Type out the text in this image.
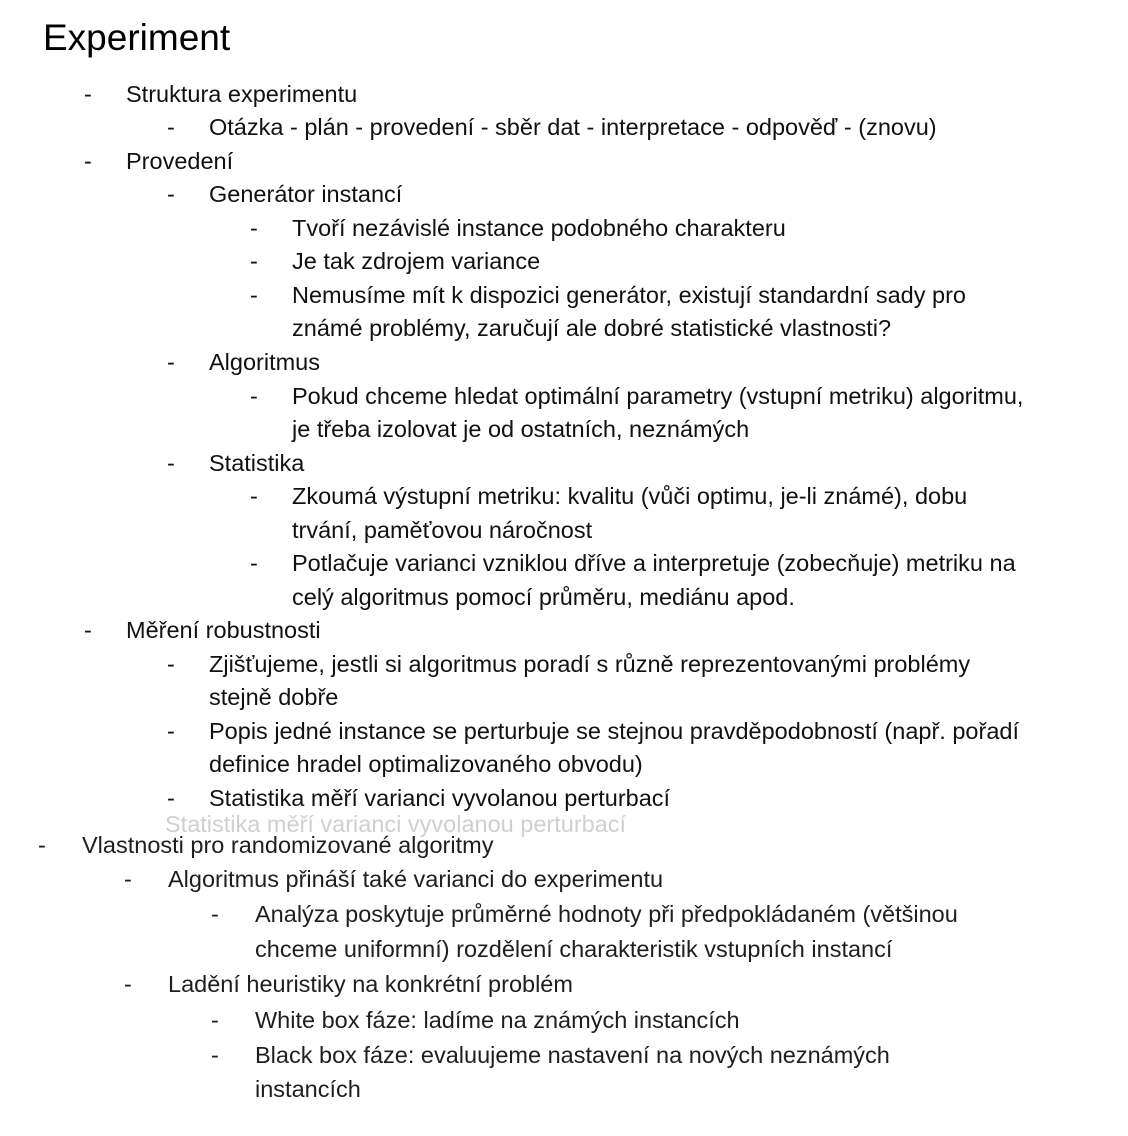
Experiment
- Struktura experimentu
- Otázka - plán - provedení - sběr dat - interpretace - odpověď - (znovu)
- Provedení
- Generátor instancí
- Tvoří nezávislé instance podobného charakteru
- Je tak zdrojem variance
- Nemusíme mít k dispozici generátor, existují standardní sady pro
známé problémy, zaručují ale dobré statistické vlastnosti?
- Algoritmus
- Pokud chceme hledat optimální parametry (vstupní metriku) algoritmu,
je třeba izolovat je od ostatních, neznámých
- Statistika
- Zkoumá výstupní metriku: kvalitu (vůči optimu, je-li známé), dobu
trvání, paměťovou náročnost
- Potlačuje varianci vzniklou dříve a interpretuje (zobecňuje) metriku na
celý algoritmus pomocí průměru, mediánu apod.
- Měření robustnosti
- Zjišťujeme, jestli si algoritmus poradí s různě reprezentovanými problémy
stejně dobře
- Popis jedné instance se perturbuje se stejnou pravděpodobností (např. pořadí
definice hradel optimalizovaného obvodu)
- Statistika měří varianci vyvolanou perturbací
Statistika měří varianci vyvolanou perturbací
- Vlastnosti pro randomizované algoritmy
- Algoritmus přináší také varianci do experimentu
- Analýza poskytuje průměrné hodnoty při předpokládaném (většinou
chceme uniformní) rozdělení charakteristik vstupních instancí
- Ladění heuristiky na konkrétní problém
- White box fáze: ladíme na známých instancích
- Black box fáze: evaluujeme nastavení na nových neznámých
instancích
